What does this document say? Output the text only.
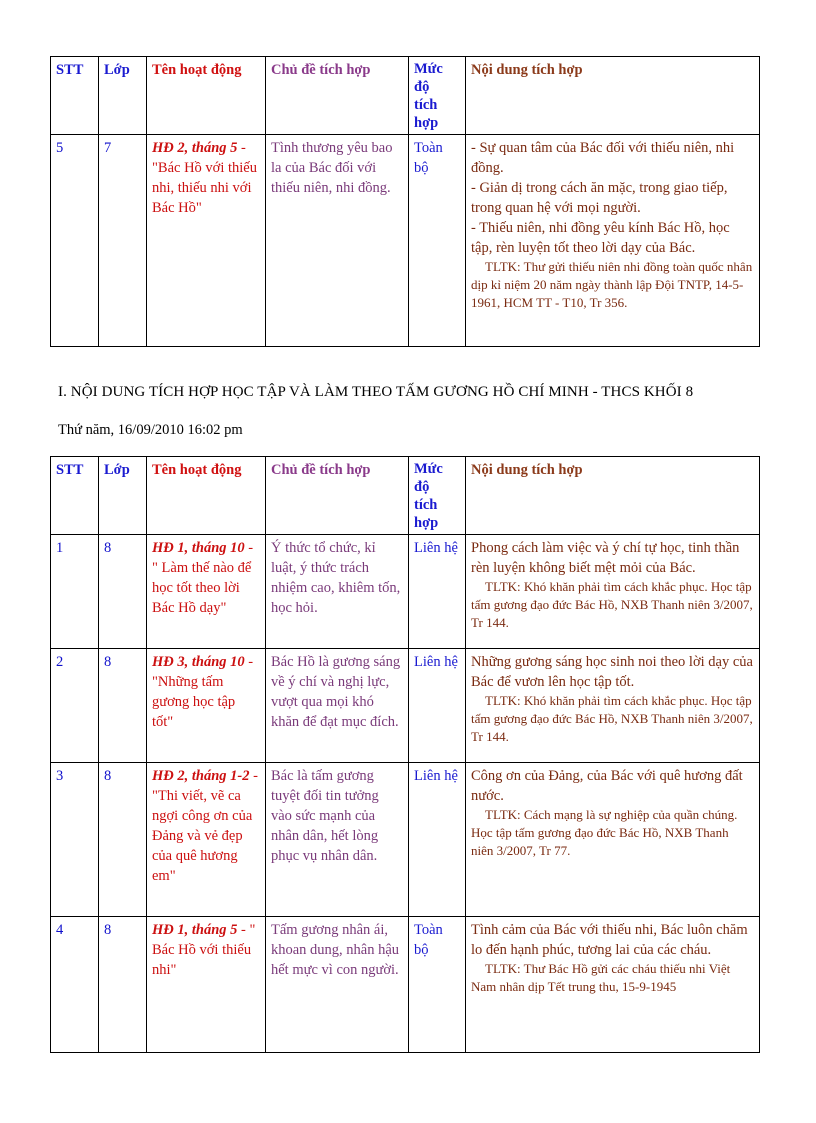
STT	Lớp	Tên hoạt động	Chủ đề tích hợp	Mức
độ
tích
hợp	Nội dung tích hợp
5	7	HĐ 2, tháng 5 - "Bác Hồ với thiếu nhi, thiếu nhi với Bác Hồ"	Tình thương yêu bao la của Bác đối với thiếu niên, nhi đồng.	Toàn bộ	- Sự quan tâm của Bác đối với thiếu niên, nhi đồng.
- Giản dị trong cách ăn mặc, trong giao tiếp, trong quan hệ với mọi người.
- Thiếu niên, nhi đồng yêu kính Bác Hồ, học tập, rèn luyện tốt theo lời dạy của Bác.
TLTK: Thư gửi thiếu niên nhi đồng toàn quốc nhân dịp kỉ niệm 20 năm ngày thành lập Đội TNTP, 14-5-1961, HCM TT - T10, Tr 356.
I. NỘI DUNG TÍCH HỢP HỌC TẬP VÀ LÀM THEO TẤM GƯƠNG HỒ CHÍ MINH - THCS KHỐI 8
Thứ năm, 16/09/2010 16:02 pm
STT	Lớp	Tên hoạt động	Chủ đề tích hợp	Mức
độ
tích
hợp	Nội dung tích hợp
1	8	HĐ 1, tháng 10 - " Làm thế nào để học tốt theo lời Bác Hồ dạy"	Ý thức tổ chức, kỉ luật, ý thức trách nhiệm cao, khiêm tốn, học hỏi.	Liên hệ	Phong cách làm việc và ý chí tự học, tinh thần rèn luyện không biết mệt mỏi của Bác.
TLTK: Khó khăn phải tìm cách khắc phục. Học tập tấm gương đạo đức Bác Hồ, NXB Thanh niên 3/2007, Tr 144.

2	8	HĐ 3, tháng 10 - "Những tấm gương học tập tốt"	Bác Hồ là gương sáng về ý chí và nghị lực, vượt qua mọi khó khăn để đạt mục đích.	Liên hệ	Những gương sáng học sinh noi theo lời dạy của Bác để vươn lên học tập tốt.
TLTK: Khó khăn phải tìm cách khắc phục. Học tập tấm gương đạo đức Bác Hồ, NXB Thanh niên 3/2007, Tr 144.

3	8	HĐ 2, tháng 1-2 - "Thi viết, vẽ ca ngợi công ơn của Đảng và vẻ đẹp của quê hương em"	Bác là tấm gương tuyệt đối tin tưởng vào sức mạnh của nhân dân, hết lòng phục vụ nhân dân.	Liên hệ	Công ơn của Đảng, của Bác với quê hương đất nước.
TLTK: Cách mạng là sự nghiệp của quần chúng. Học tập tấm gương đạo đức Bác Hồ, NXB Thanh niên 3/2007, Tr 77.

4	8	HĐ 1, tháng 5 - " Bác Hồ với thiếu nhi"	Tấm gương nhân ái, khoan dung, nhân hậu hết mực vì con người.	Toàn bộ	Tình cảm của Bác với thiếu nhi, Bác luôn chăm lo đến hạnh phúc, tương lai của các cháu.
TLTK: Thư Bác Hồ gửi các cháu thiếu nhi Việt Nam nhân dịp Tết trung thu, 15-9-1945
